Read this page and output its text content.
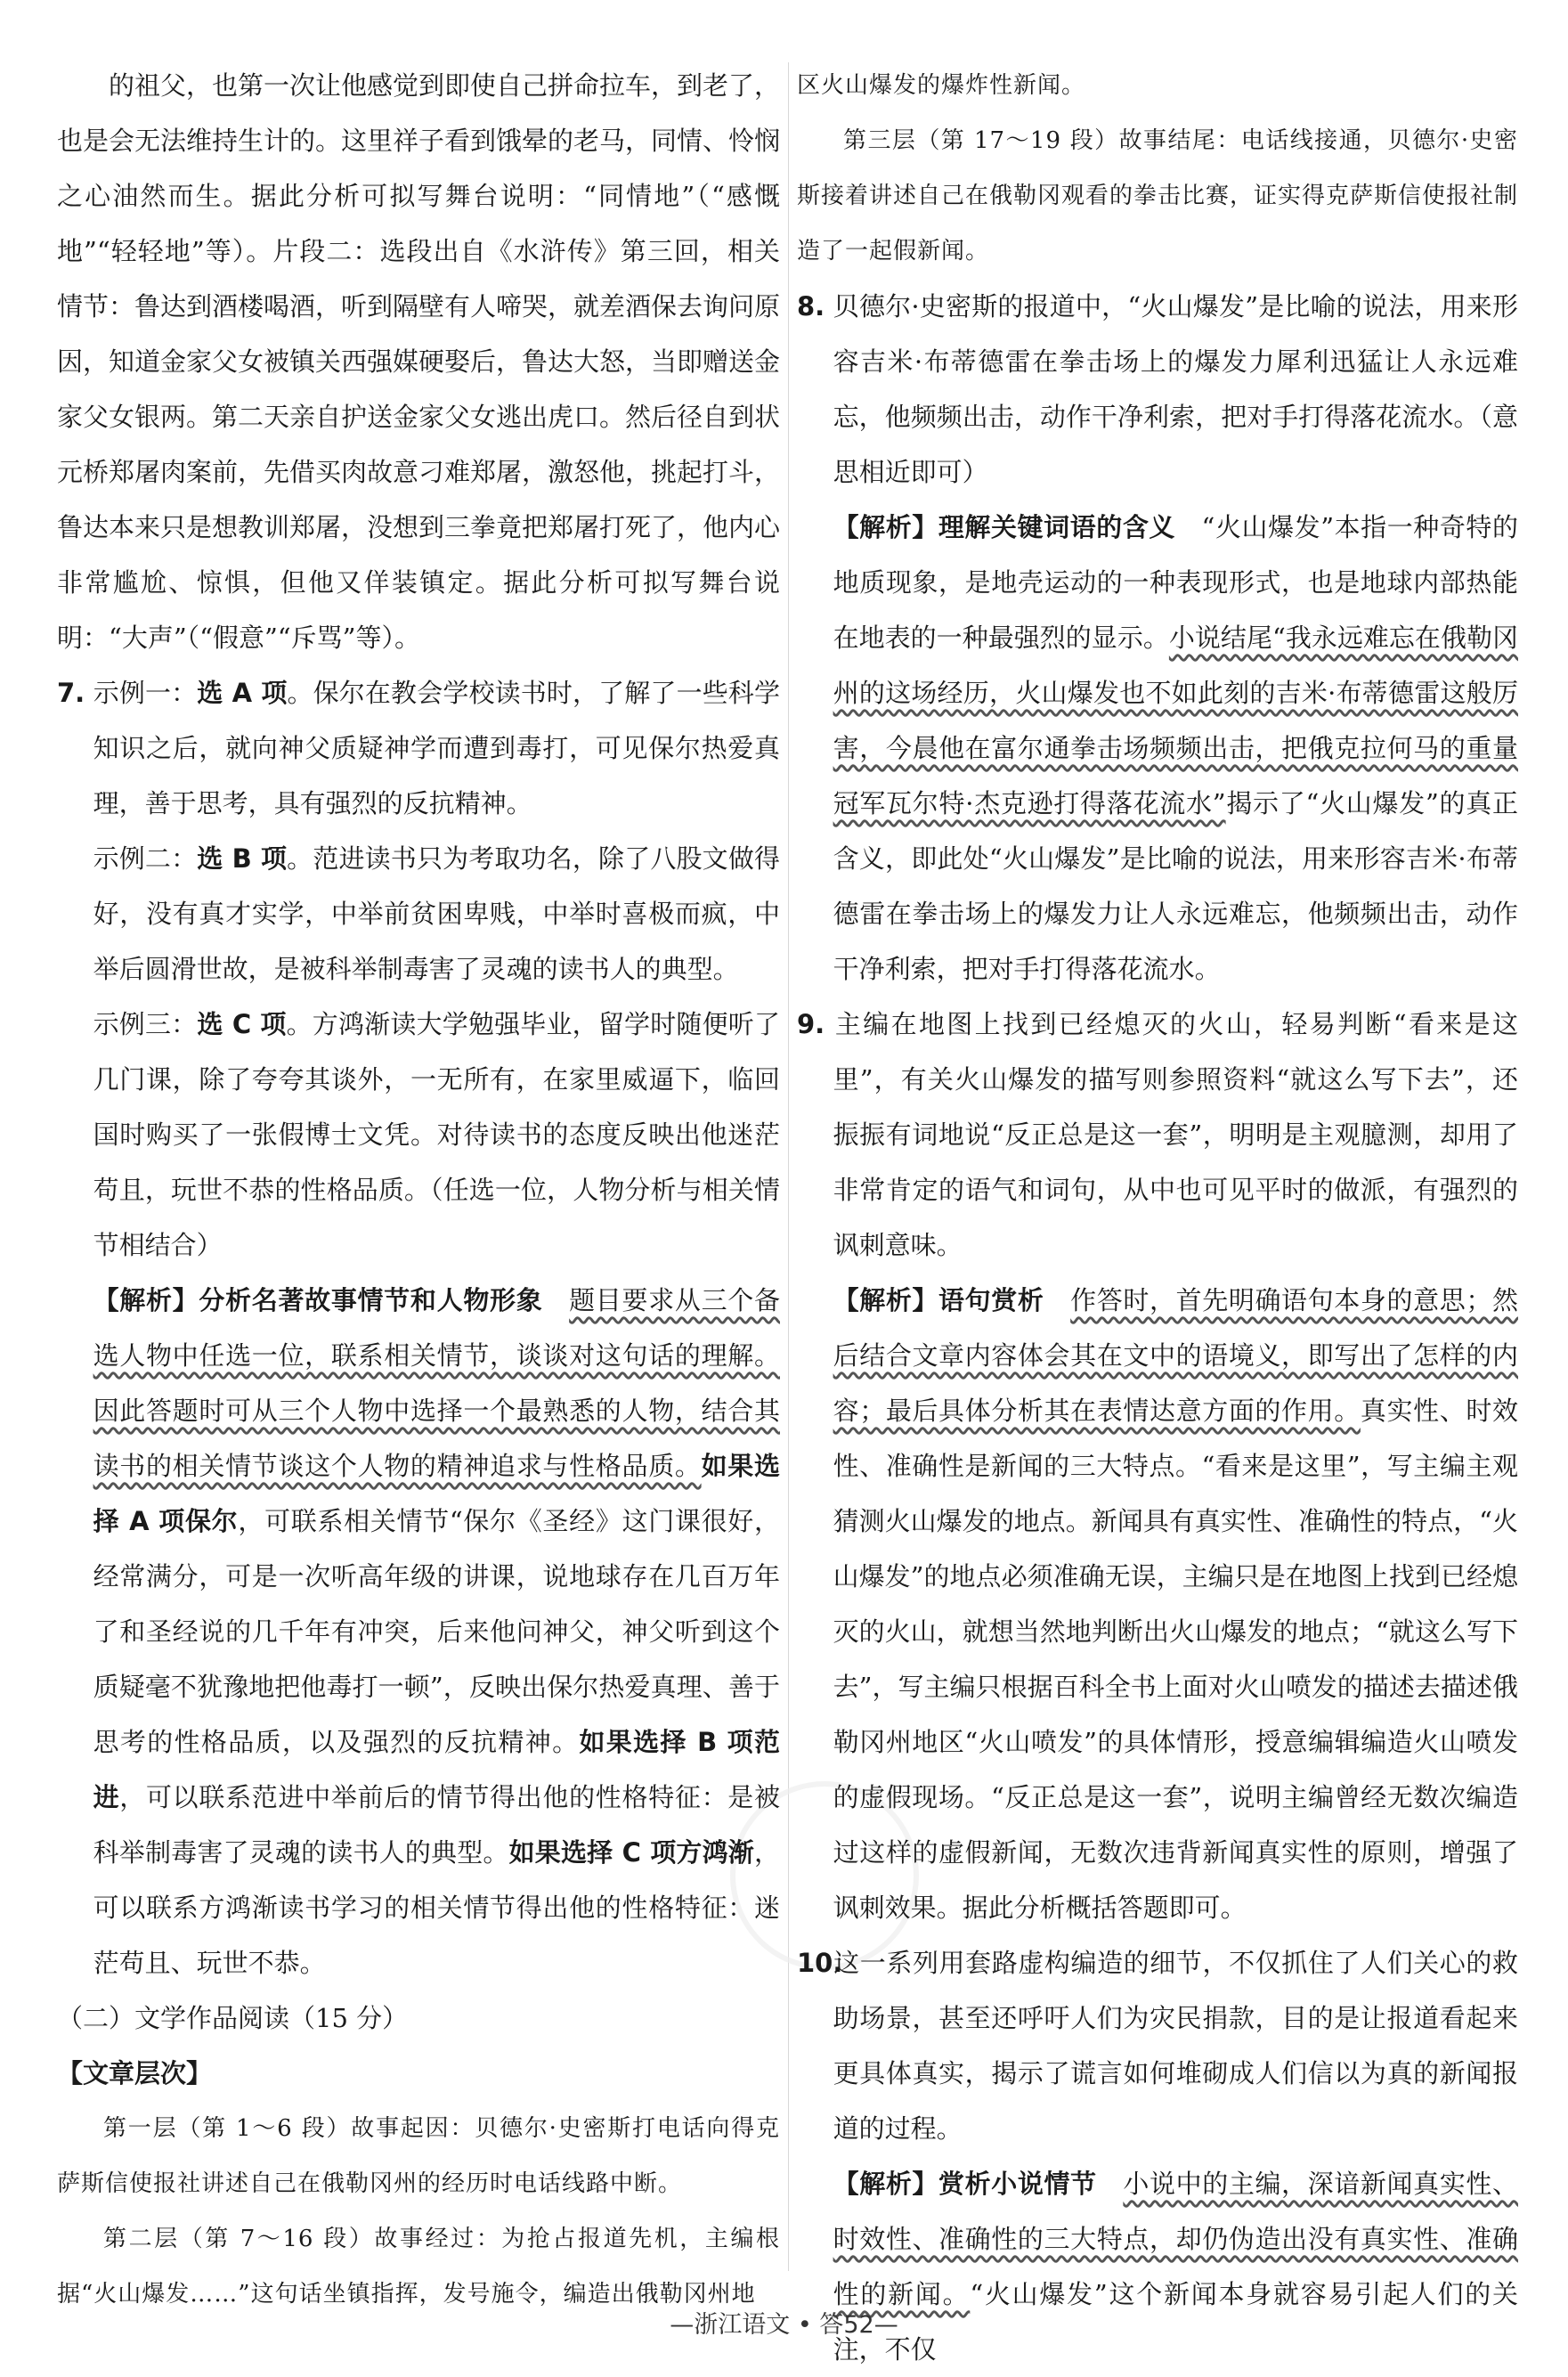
的祖父，也第一次让他感觉到即使自己拼命拉车，到老了，也是会无法维持生计的。这里祥子看到饿晕的老马，同情、怜悯之心油然而生。据此分析可拟写舞台说明：“同情地”（“感慨地”“轻轻地”等）。片段二：选段出自《水浒传》第三回，相关情节：鲁达到酒楼喝酒，听到隔壁有人啼哭，就差酒保去询问原因，知道金家父女被镇关西强媒硬娶后，鲁达大怒，当即赠送金家父女银两。第二天亲自护送金家父女逃出虎口。然后径自到状元桥郑屠肉案前，先借买肉故意刁难郑屠，激怒他，挑起打斗，鲁达本来只是想教训郑屠，没想到三拳竟把郑屠打死了，他内心非常尴尬、惊惧，但他又佯装镇定。据此分析可拟写舞台说明：“大声”（“假意”“斥骂”等）。

7. 示例一：选 A 项。保尔在教会学校读书时，了解了一些科学知识之后，就向神父质疑神学而遭到毒打，可见保尔热爱真理，善于思考，具有强烈的反抗精神。

示例二：选 B 项。范进读书只为考取功名，除了八股文做得好，没有真才实学，中举前贫困卑贱，中举时喜极而疯，中举后圆滑世故，是被科举制毒害了灵魂的读书人的典型。

示例三：选 C 项。方鸿渐读大学勉强毕业，留学时随便听了几门课，除了夸夸其谈外，一无所有，在家里威逼下，临回国时购买了一张假博士文凭。对待读书的态度反映出他迷茫苟且，玩世不恭的性格品质。（任选一位，人物分析与相关情节相结合）

【解析】分析名著故事情节和人物形象　 题目要求从三个备选人物中任选一位，联系相关情节，谈谈对这句话的理解。因此答题时可从三个人物中选择一个最熟悉的人物，结合其读书的相关情节谈这个人物的精神追求与性格品质。如果选择 A 项保尔，可联系相关情节“保尔《圣经》这门课很好，经常满分，可是一次听高年级的讲课，说地球存在几百万年了和圣经说的几千年有冲突，后来他问神父，神父听到这个质疑毫不犹豫地把他毒打一顿”，反映出保尔热爱真理、善于思考的性格品质，以及强烈的反抗精神。如果选择 B 项范进，可以联系范进中举前后的情节得出他的性格特征：是被科举制毒害了灵魂的读书人的典型。如果选择 C 项方鸿渐，可以联系方鸿渐读书学习的相关情节得出他的性格特征：迷茫苟且、玩世不恭。

（二）文学作品阅读（15 分）

【文章层次】

第一层（第 1～6 段）故事起因：贝德尔·史密斯打电话向得克萨斯信使报社讲述自己在俄勒冈州的经历时电话线路中断。

第二层（第 7～16 段）故事经过：为抢占报道先机，主编根据“火山爆发……”这句话坐镇指挥，发号施令，编造出俄勒冈州地

区火山爆发的爆炸性新闻。

第三层（第 17～19 段）故事结尾：电话线接通，贝德尔·史密斯接着讲述自己在俄勒冈观看的拳击比赛，证实得克萨斯信使报社制造了一起假新闻。

8. 贝德尔·史密斯的报道中，“火山爆发”是比喻的说法，用来形容吉米·布蒂德雷在拳击场上的爆发力犀利迅猛让人永远难忘，他频频出击，动作干净利索，把对手打得落花流水。（意思相近即可）

【解析】理解关键词语的含义　 “火山爆发”本指一种奇特的地质现象，是地壳运动的一种表现形式，也是地球内部热能在地表的一种最强烈的显示。小说结尾“我永远难忘在俄勒冈州的这场经历，火山爆发也不如此刻的吉米·布蒂德雷这般厉害，今晨他在富尔通拳击场频频出击，把俄克拉何马的重量冠军瓦尔特·杰克逊打得落花流水”揭示了“火山爆发”的真正含义，即此处“火山爆发”是比喻的说法，用来形容吉米·布蒂德雷在拳击场上的爆发力让人永远难忘，他频频出击，动作干净利索，把对手打得落花流水。

9. 主编在地图上找到已经熄灭的火山，轻易判断“看来是这里”，有关火山爆发的描写则参照资料“就这么写下去”，还振振有词地说“反正总是这一套”，明明是主观臆测，却用了非常肯定的语气和词句，从中也可见平时的做派，有强烈的讽刺意味。

【解析】语句赏析　 作答时，首先明确语句本身的意思；然后结合文章内容体会其在文中的语境义，即写出了怎样的内容；最后具体分析其在表情达意方面的作用。真实性、时效性、准确性是新闻的三大特点。“看来是这里”，写主编主观猜测火山爆发的地点。新闻具有真实性、准确性的特点，“火山爆发”的地点必须准确无误，主编只是在地图上找到已经熄灭的火山，就想当然地判断出火山爆发的地点；“就这么写下去”，写主编只根据百科全书上面对火山喷发的描述去描述俄勒冈州地区“火山喷发”的具体情形，授意编辑编造火山喷发的虚假现场。“反正总是这一套”，说明主编曾经无数次编造过这样的虚假新闻，无数次违背新闻真实性的原则，增强了讽刺效果。据此分析概括答题即可。

10.这一系列用套路虚构编造的细节，不仅抓住了人们关心的救助场景，甚至还呼吁人们为灾民捐款，目的是让报道看起来更具体真实，揭示了谎言如何堆砌成人们信以为真的新闻报道的过程。

【解析】赏析小说情节　 小说中的主编，深谙新闻真实性、时效性、准确性的三大特点，却仍伪造出没有真实性、准确性的新闻。“火山爆发”这个新闻本身就容易引起人们的关注，不仅

—浙江语文 • 答52—
